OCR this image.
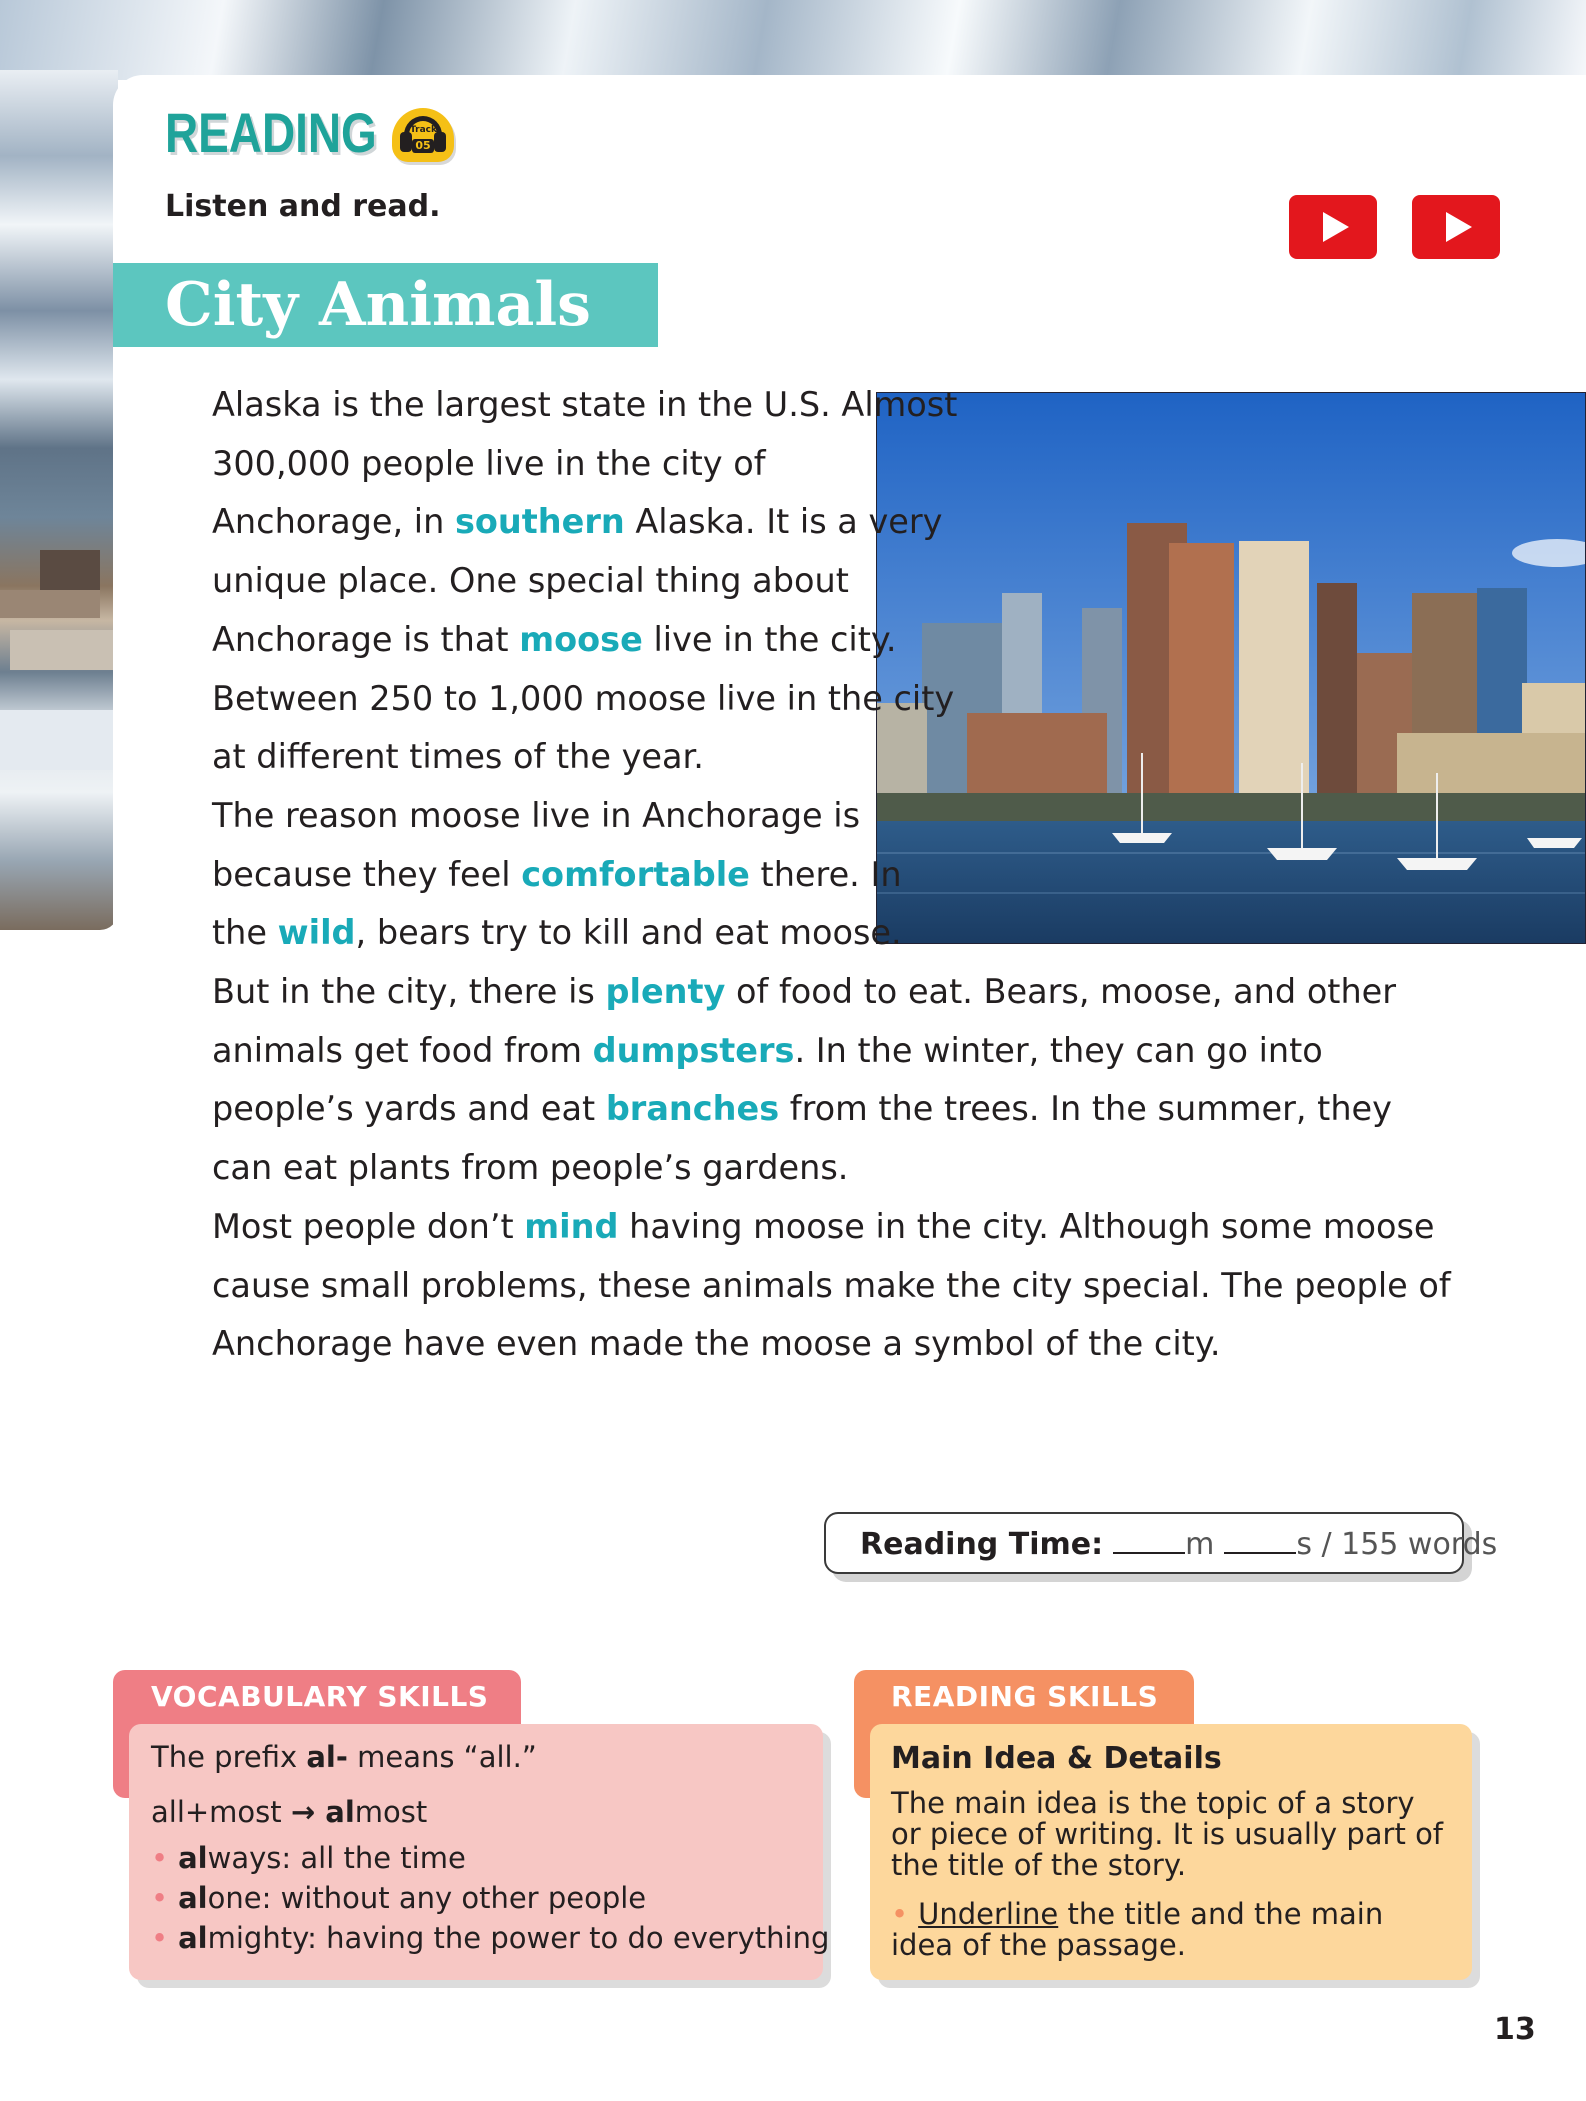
READING	Track
05
Listen and read.
City Animals

Alaska is the largest state in the U.S. Almost 300,000 people live in the city of Anchorage, in southern Alaska. It is a very unique place. One special thing about Anchorage is that moose live in the city. Between 250 to 1,000 moose live in the city at different times of the year.

The reason moose live in Anchorage is because they feel comfortable there. In the wild, bears try to kill and eat moose. But in the city, there is plenty of food to eat. Bears, moose, and other animals get food from dumpsters. In the winter, they can go into people’s yards and eat branches from the trees. In the summer, they can eat plants from people’s gardens.

Most people don’t mind having moose in the city. Although some moose cause small problems, these animals make the city special. The people of Anchorage have even made the moose a symbol of the city.

Reading Time:	m	s / 155 words
VOCABULARY SKILLS
The prefix al- means “all.”
all+most → almost
• always: all the time
• alone: without any other people
• almighty: having the power to do everything
READING SKILLS
Main Idea & Details
The main idea is the topic of a story or piece of writing. It is usually part of the title of the story.
• Underline the title and the main idea of the passage.
13
